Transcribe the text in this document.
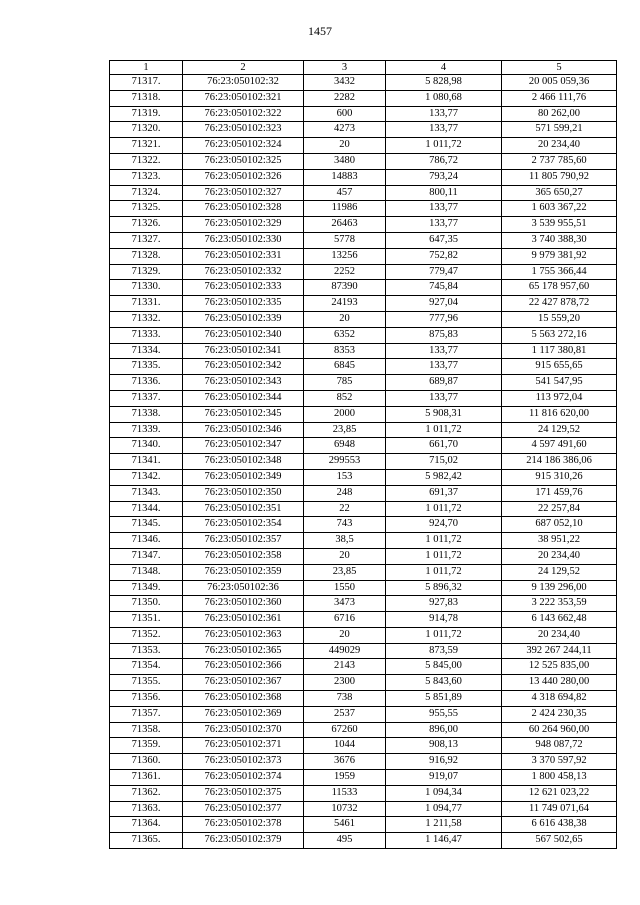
1457
1	2	3	4	5
71317.	76:23:050102:32	3432	5 828,98	20 005 059,36
71318.	76:23:050102:321	2282	1 080,68	2 466 111,76
71319.	76:23:050102:322	600	133,77	80 262,00
71320.	76:23:050102:323	4273	133,77	571 599,21
71321.	76:23:050102:324	20	1 011,72	20 234,40
71322.	76:23:050102:325	3480	786,72	2 737 785,60
71323.	76:23:050102:326	14883	793,24	11 805 790,92
71324.	76:23:050102:327	457	800,11	365 650,27
71325.	76:23:050102:328	11986	133,77	1 603 367,22
71326.	76:23:050102:329	26463	133,77	3 539 955,51
71327.	76:23:050102:330	5778	647,35	3 740 388,30
71328.	76:23:050102:331	13256	752,82	9 979 381,92
71329.	76:23:050102:332	2252	779,47	1 755 366,44
71330.	76:23:050102:333	87390	745,84	65 178 957,60
71331.	76:23:050102:335	24193	927,04	22 427 878,72
71332.	76:23:050102:339	20	777,96	15 559,20
71333.	76:23:050102:340	6352	875,83	5 563 272,16
71334.	76:23:050102:341	8353	133,77	1 117 380,81
71335.	76:23:050102:342	6845	133,77	915 655,65
71336.	76:23:050102:343	785	689,87	541 547,95
71337.	76:23:050102:344	852	133,77	113 972,04
71338.	76:23:050102:345	2000	5 908,31	11 816 620,00
71339.	76:23:050102:346	23,85	1 011,72	24 129,52
71340.	76:23:050102:347	6948	661,70	4 597 491,60
71341.	76:23:050102:348	299553	715,02	214 186 386,06
71342.	76:23:050102:349	153	5 982,42	915 310,26
71343.	76:23:050102:350	248	691,37	171 459,76
71344.	76:23:050102:351	22	1 011,72	22 257,84
71345.	76:23:050102:354	743	924,70	687 052,10
71346.	76:23:050102:357	38,5	1 011,72	38 951,22
71347.	76:23:050102:358	20	1 011,72	20 234,40
71348.	76:23:050102:359	23,85	1 011,72	24 129,52
71349.	76:23:050102:36	1550	5 896,32	9 139 296,00
71350.	76:23:050102:360	3473	927,83	3 222 353,59
71351.	76:23:050102:361	6716	914,78	6 143 662,48
71352.	76:23:050102:363	20	1 011,72	20 234,40
71353.	76:23:050102:365	449029	873,59	392 267 244,11
71354.	76:23:050102:366	2143	5 845,00	12 525 835,00
71355.	76:23:050102:367	2300	5 843,60	13 440 280,00
71356.	76:23:050102:368	738	5 851,89	4 318 694,82
71357.	76:23:050102:369	2537	955,55	2 424 230,35
71358.	76:23:050102:370	67260	896,00	60 264 960,00
71359.	76:23:050102:371	1044	908,13	948 087,72
71360.	76:23:050102:373	3676	916,92	3 370 597,92
71361.	76:23:050102:374	1959	919,07	1 800 458,13
71362.	76:23:050102:375	11533	1 094,34	12 621 023,22
71363.	76:23:050102:377	10732	1 094,77	11 749 071,64
71364.	76:23:050102:378	5461	1 211,58	6 616 438,38
71365.	76:23:050102:379	495	1 146,47	567 502,65
